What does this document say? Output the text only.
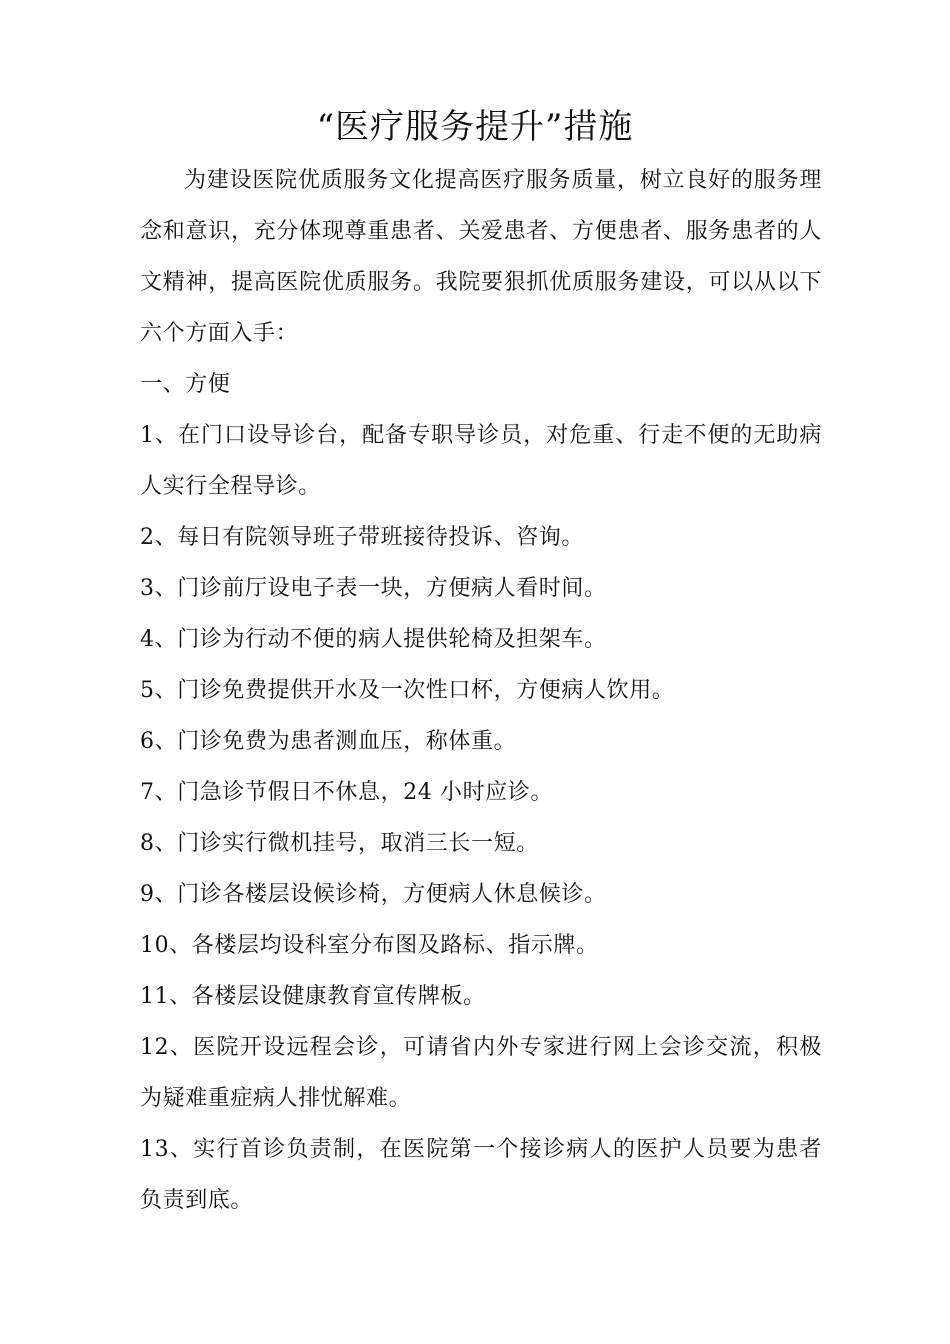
“医疗服务提升”措施

为建设医院优质服务文化提高医疗服务质量，树立良好的服务理念和意识，充分体现尊重患者、关爱患者、方便患者、服务患者的人文精神，提高医院优质服务。我院要狠抓优质服务建设，可以从以下六个方面入手：

一、方便

1、在门口设导诊台，配备专职导诊员，对危重、行走不便的无助病人实行全程导诊。

2、每日有院领导班子带班接待投诉、咨询。

3、门诊前厅设电子表一块，方便病人看时间。

4、门诊为行动不便的病人提供轮椅及担架车。

5、门诊免费提供开水及一次性口杯，方便病人饮用。

6、门诊免费为患者测血压，称体重。

7、门急诊节假日不休息，24 小时应诊。

8、门诊实行微机挂号，取消三长一短。

9、门诊各楼层设候诊椅，方便病人休息候诊。

10、各楼层均设科室分布图及路标、指示牌。

11、各楼层设健康教育宣传牌板。

12、医院开设远程会诊，可请省内外专家进行网上会诊交流，积极为疑难重症病人排忧解难。

13、实行首诊负责制，在医院第一个接诊病人的医护人员要为患者负责到底。
